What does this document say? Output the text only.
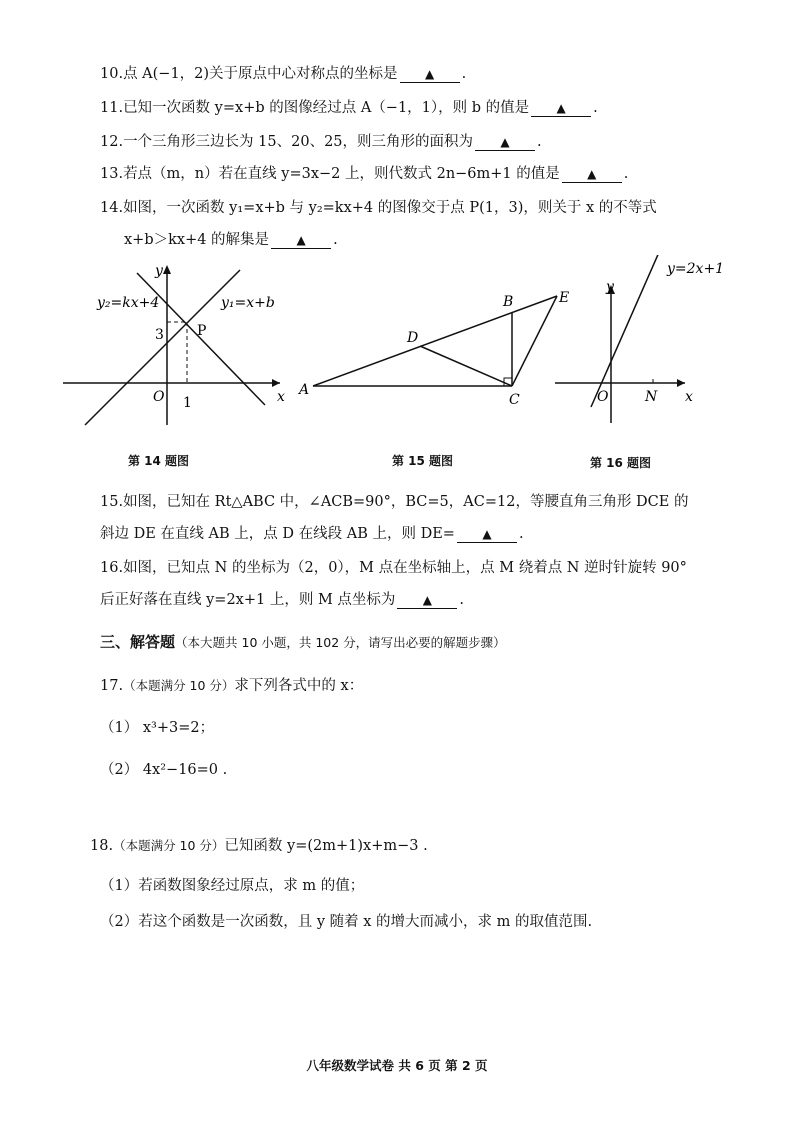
10.点 A(−1，2)关于原点中心对称点的坐标是 ▲ .
11.已知一次函数 y=x+b 的图像经过点 A（−1，1），则 b 的值是 ▲ .
12.一个三角形三边长为 15、20、25，则三角形的面积为 ▲ .
13.若点（m，n）若在直线 y=3x−2 上，则代数式 2n−6m+1 的值是 ▲ .
14.如图，一次函数 y₁=x+b 与 y₂=kx+4 的图像交于点 P(1，3)，则关于 x 的不等式
x+b＞kx+4 的解集是 ▲ .
y
x
O
y₂=kx+4	y₁=x+b
P
3
1
第 14 题图
A
B
C
D
E
第 15 题图
y
x
O	N
y=2x+1
第 16 题图
15.如图，已知在 Rt△ABC 中，∠ACB=90°，BC=5，AC=12，等腰直角三角形 DCE 的
斜边 DE 在直线 AB 上，点 D 在线段 AB 上，则 DE= ▲ .
16.如图，已知点 N 的坐标为（2，0），M 点在坐标轴上，点 M 绕着点 N 逆时针旋转 90°
后正好落在直线 y=2x+1 上，则 M 点坐标为 ▲ .
三、解答题（本大题共 10 小题，共 102 分，请写出必要的解题步骤）
17.（本题满分 10 分）求下列各式中的 x：
（1） x³+3=2；
（2） 4x²−16=0 .
18.（本题满分 10 分）已知函数 y=(2m+1)x+m−3 .
（1）若函数图象经过原点，求 m 的值；
（2）若这个函数是一次函数，且 y 随着 x 的增大而减小，求 m 的取值范围.
八年级数学试卷 共 6 页 第 2 页
